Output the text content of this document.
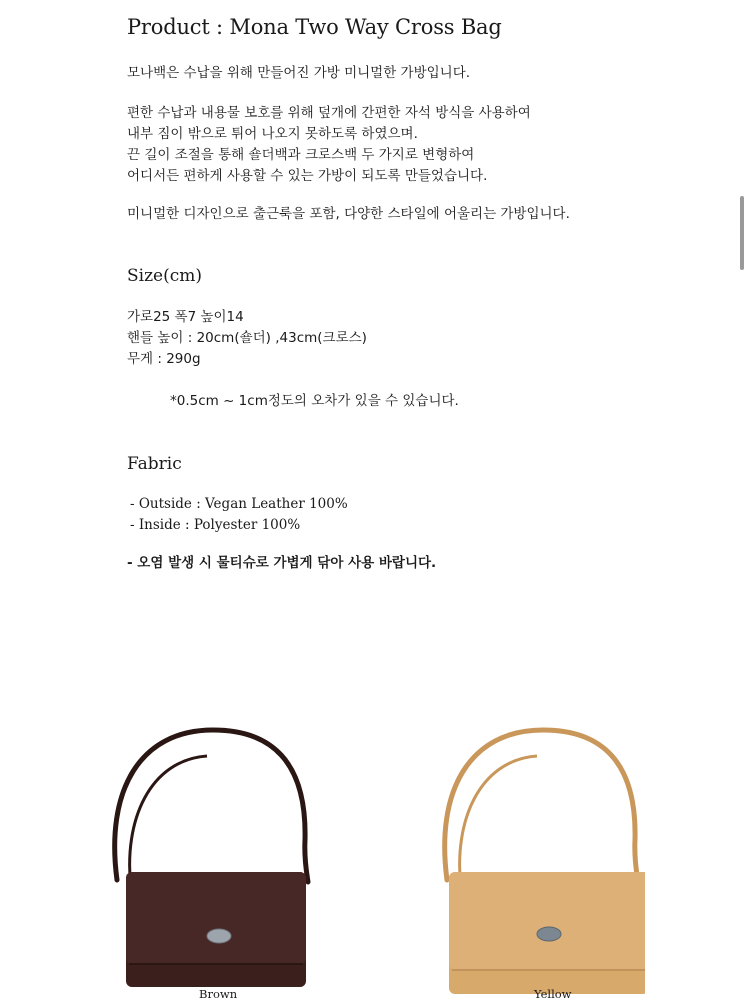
Product : Mona Two Way Cross Bag

모나백은 수납을 위해 만들어진 가방 미니멀한 가방입니다.

편한 수납과 내용물 보호를 위해 덮개에 간편한 자석 방식을 사용하여

내부 짐이 밖으로 튀어 나오지 못하도록 하였으며.

끈 길이 조절을 통해 숄더백과 크로스백 두 가지로 변형하여

어디서든 편하게 사용할 수 있는 가방이 되도록 만들었습니다.

미니멀한 디자인으로 출근룩을 포함, 다양한 스타일에 어울리는 가방입니다.

Size(cm)

가로25 폭7 높이14

핸들 높이 : 20cm(숄더) ,43cm(크로스)

무게 : 290g

*0.5cm ~ 1cm정도의 오차가 있을 수 있습니다.

Fabric

- Outside : Vegan Leather 100%

- Inside : Polyester 100%

- 오염 발생 시 물티슈로 가볍게 닦아 사용 바랍니다.

Brown	Yellow
